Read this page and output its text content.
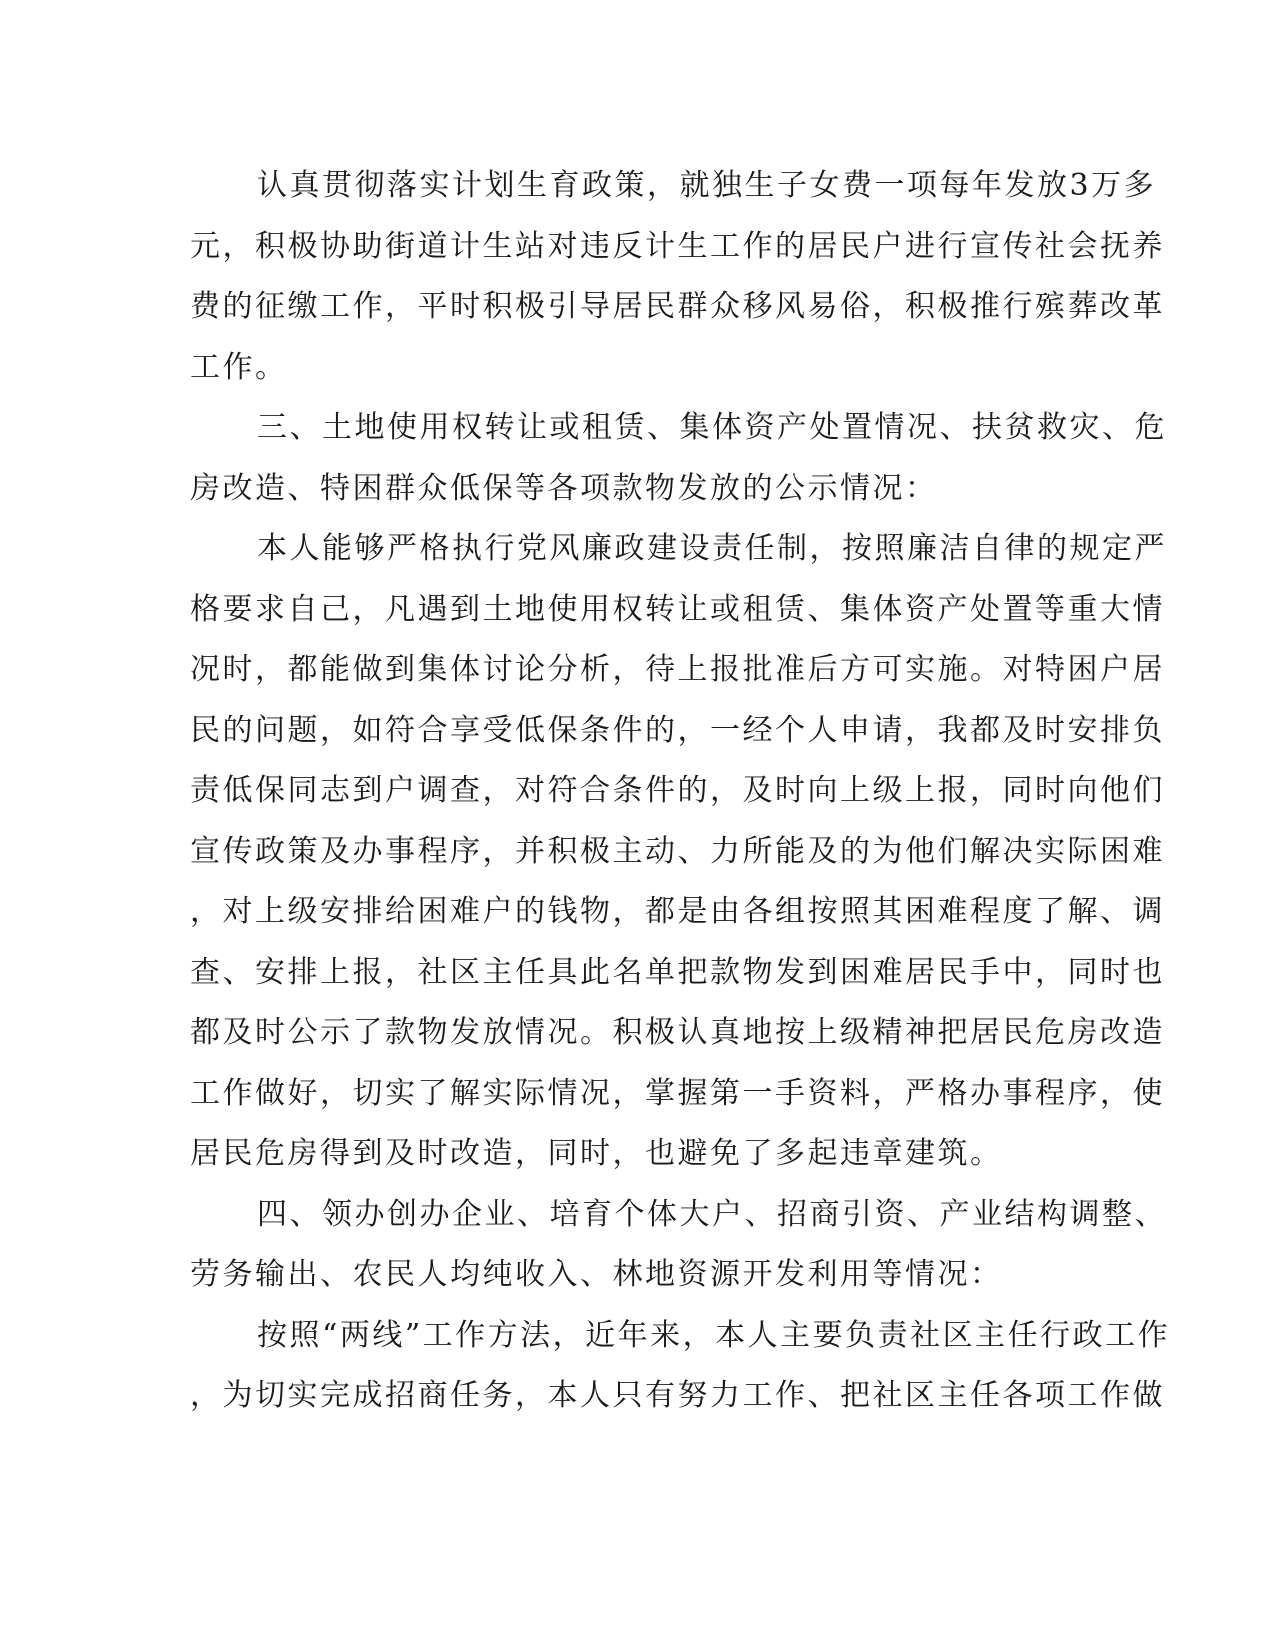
认真贯彻落实计划生育政策，就独生子女费一项每年发放3万多
元，积极协助街道计生站对违反计生工作的居民户进行宣传社会抚养
费的征缴工作，平时积极引导居民群众移风易俗，积极推行殡葬改革
工作。
三、土地使用权转让或租赁、集体资产处置情况、扶贫救灾、危
房改造、特困群众低保等各项款物发放的公示情况：
本人能够严格执行党风廉政建设责任制，按照廉洁自律的规定严
格要求自己，凡遇到土地使用权转让或租赁、集体资产处置等重大情
况时，都能做到集体讨论分析，待上报批准后方可实施。对特困户居
民的问题，如符合享受低保条件的，一经个人申请，我都及时安排负
责低保同志到户调查，对符合条件的，及时向上级上报，同时向他们
宣传政策及办事程序，并积极主动、力所能及的为他们解决实际困难
，对上级安排给困难户的钱物，都是由各组按照其困难程度了解、调
查、安排上报，社区主任具此名单把款物发到困难居民手中，同时也
都及时公示了款物发放情况。积极认真地按上级精神把居民危房改造
工作做好，切实了解实际情况，掌握第一手资料，严格办事程序，使
居民危房得到及时改造，同时，也避免了多起违章建筑。
四、领办创办企业、培育个体大户、招商引资、产业结构调整、
劳务输出、农民人均纯收入、林地资源开发利用等情况：
按照“两线”工作方法，近年来，本人主要负责社区主任行政工作
，为切实完成招商任务，本人只有努力工作、把社区主任各项工作做
